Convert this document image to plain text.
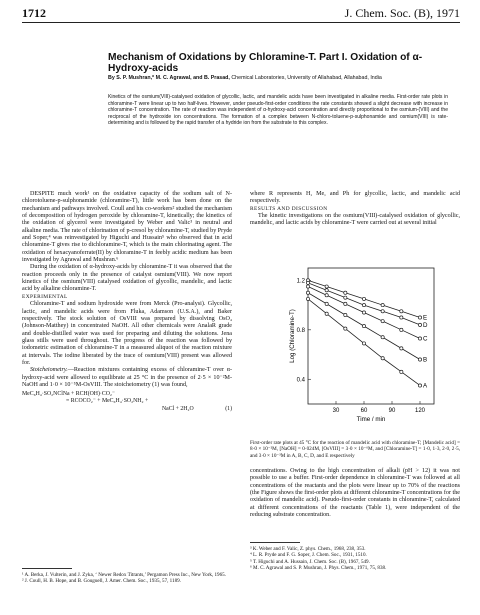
1712	J. Chem. Soc. (B), 1971
Mechanism of Oxidations by Chloramine-T. Part I. Oxidation of α-Hydroxy-acids
By S. P. Mushran,* M. C. Agrawal, and B. Prasad, Chemical Laboratories, University of Allahabad, Allahabad, India
Kinetics of the osmium(VIII)-catalysed oxidation of glycollic, lactic, and mandelic acids have been investigated in alkaline media. First-order rate plots in chloramine-T were linear up to two half-lives. However, under pseudo-first-order conditions the rate constants showed a slight decrease with increase in chloramine-T concentration. The rate of reaction was independent of α-hydroxy-acid concentration and directly proportional to the osmium-(VIII) and the reciprocal of the hydroxide ion concentrations. The formation of a complex between N-chloro-toluene-p-sulphonamide and osmium(VIII) is rate-determining and is followed by the rapid transfer of a hydride ion from the substrate to this complex.

DESPITE much work¹ on the oxidative capacity of the sodium salt of N-chlorotoluene-p-sulphonamide (chloramine-T), little work has been done on the mechanism and pathways involved. Coull and his co-workers² studied the mechanism of decomposition of hydrogen peroxide by chloramine-T, kinetically; the kinetics of the oxidation of glycerol were investigated by Weber and Valic³ in neutral and alkaline media. The rate of chlorination of p-cresol by chloramine-T, studied by Pryde and Soper,⁴ was reinvestigated by Higuchi and Hussain⁵ who observed that in acid chloramine-T gives rise to dichloramine-T, which is the main chlorinating agent. The oxidation of hexacyanoferrate(II) by chloramine-T in feebly acidic medium has been investigated by Agrawal and Mushran.⁶

During the oxidation of α-hydroxy-acids by chloramine-T it was observed that the reaction proceeds only in the presence of catalyst osmium(VIII). We now report kinetics of the osmium(VIII) catalysed oxidation of glycollic, mandelic, and lactic acid by alkaline chloramine-T.

EXPERIMENTAL

Chloramine-T and sodium hydroxide were from Merck (Pro-analysi). Glycollic, lactic, and mandelic acids were from Fluka, Adamson (U.S.A.), and Baker respectively. The stock solution of OsVIII was prepared by dissolving OsO₄ (Johnson-Matthey) in concentrated NaOH. All other chemicals were AnalaR grade and double-distilled water was used for preparing and diluting the solutions. Jena glass stills were used throughout. The progress of the reaction was followed by iodometric estimation of chloramine-T in a measured aliquot of the reaction mixture at intervals. The iodine liberated by the trace of osmium(VIII) present was allowed for.

Stoicheiometry.—Reaction mixtures containing excess of chloramine-T over α-hydroxy-acid were allowed to equilibrate at 25 °C in the presence of 2·5 × 10⁻²M-NaOH and 1·0 × 10⁻⁵M-OsVIII. The stoicheiometry (1) was found,

MeC₆H₄·SO₂NClNa + RCH(OH)·CO₂⁻
= RCOCO₂⁻ + MeC₆H₄·SO₂NH₂ +
NaCl + 2H₂O	(1)
¹ A. Berka, J. Vulterin, and J. Zyka, ‘ Newer Redox Titrants,’ Pergamon Press Inc., New York, 1965.
² J. Coull, H. B. Hope, and B. Gouguell, J. Amer. Chem. Soc., 1935, 57, 1189.

where R represents H, Me, and Ph for glycollic, lactic, and mandelic acid respectively.

RESULTS AND DISCUSSION

The kinetic investigations on the osmium(VIII)-catalysed oxidation of glycollic, mandelic, and lactic acids by chloramine-T were carried out at several initial

30	60	90	120
0.4
0.8
1.2
Time / min
Log (Chloramine-T)	E
D
C
B
A
First-order rate plots at 45 °C for the reaction of mandelic acid with chloramine-T; [Mandelic acid] = 8·0 × 10⁻²M, [NaOH] = 0·024M, [OsVIII] = 3·0 × 10⁻⁶M, and [Chloramine-T] = 1·0, 1·3, 2·0, 2·5, and 3·0 × 10⁻³M in A, B, C, D, and E respectively

concentrations. Owing to the high concentration of alkali (pH > 12) it was not possible to use a buffer. First-order dependence in chloramine-T was followed at all concentrations of the reactants and the plots were linear up to 70% of the reactions (the Figure shows the first-order plots at different chloramine-T concentrations for the oxidation of mandelic acid). Pseudo-first-order constants in chloramine-T, calculated at different concentrations of the reactants (Table 1), were independent of the reducing substrate concentration.

³ K. Weber and F. Valic, Z. phys. Chem., 1968, 238, 353.
⁴ L. R. Pryde and F. G. Soper, J. Chem. Soc., 1931, 1510.
⁵ T. Higuchi and A. Hussain, J. Chem. Soc. (B), 1967, 549.
⁶ M. C. Agrawal and S. P. Mushran, J. Phys. Chem., 1971, 75, 838.
